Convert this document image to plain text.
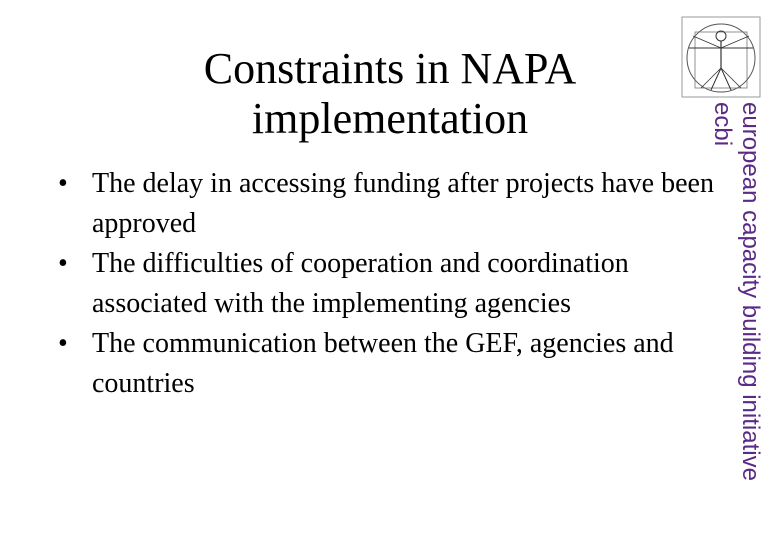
Constraints in NAPA
implementation
• The delay in accessing funding after projects have been approved
• The difficulties of cooperation and coordination associated with the implementing agencies
• The communication between the GEF, agencies and countries	european capacity building initiative
ecbi
